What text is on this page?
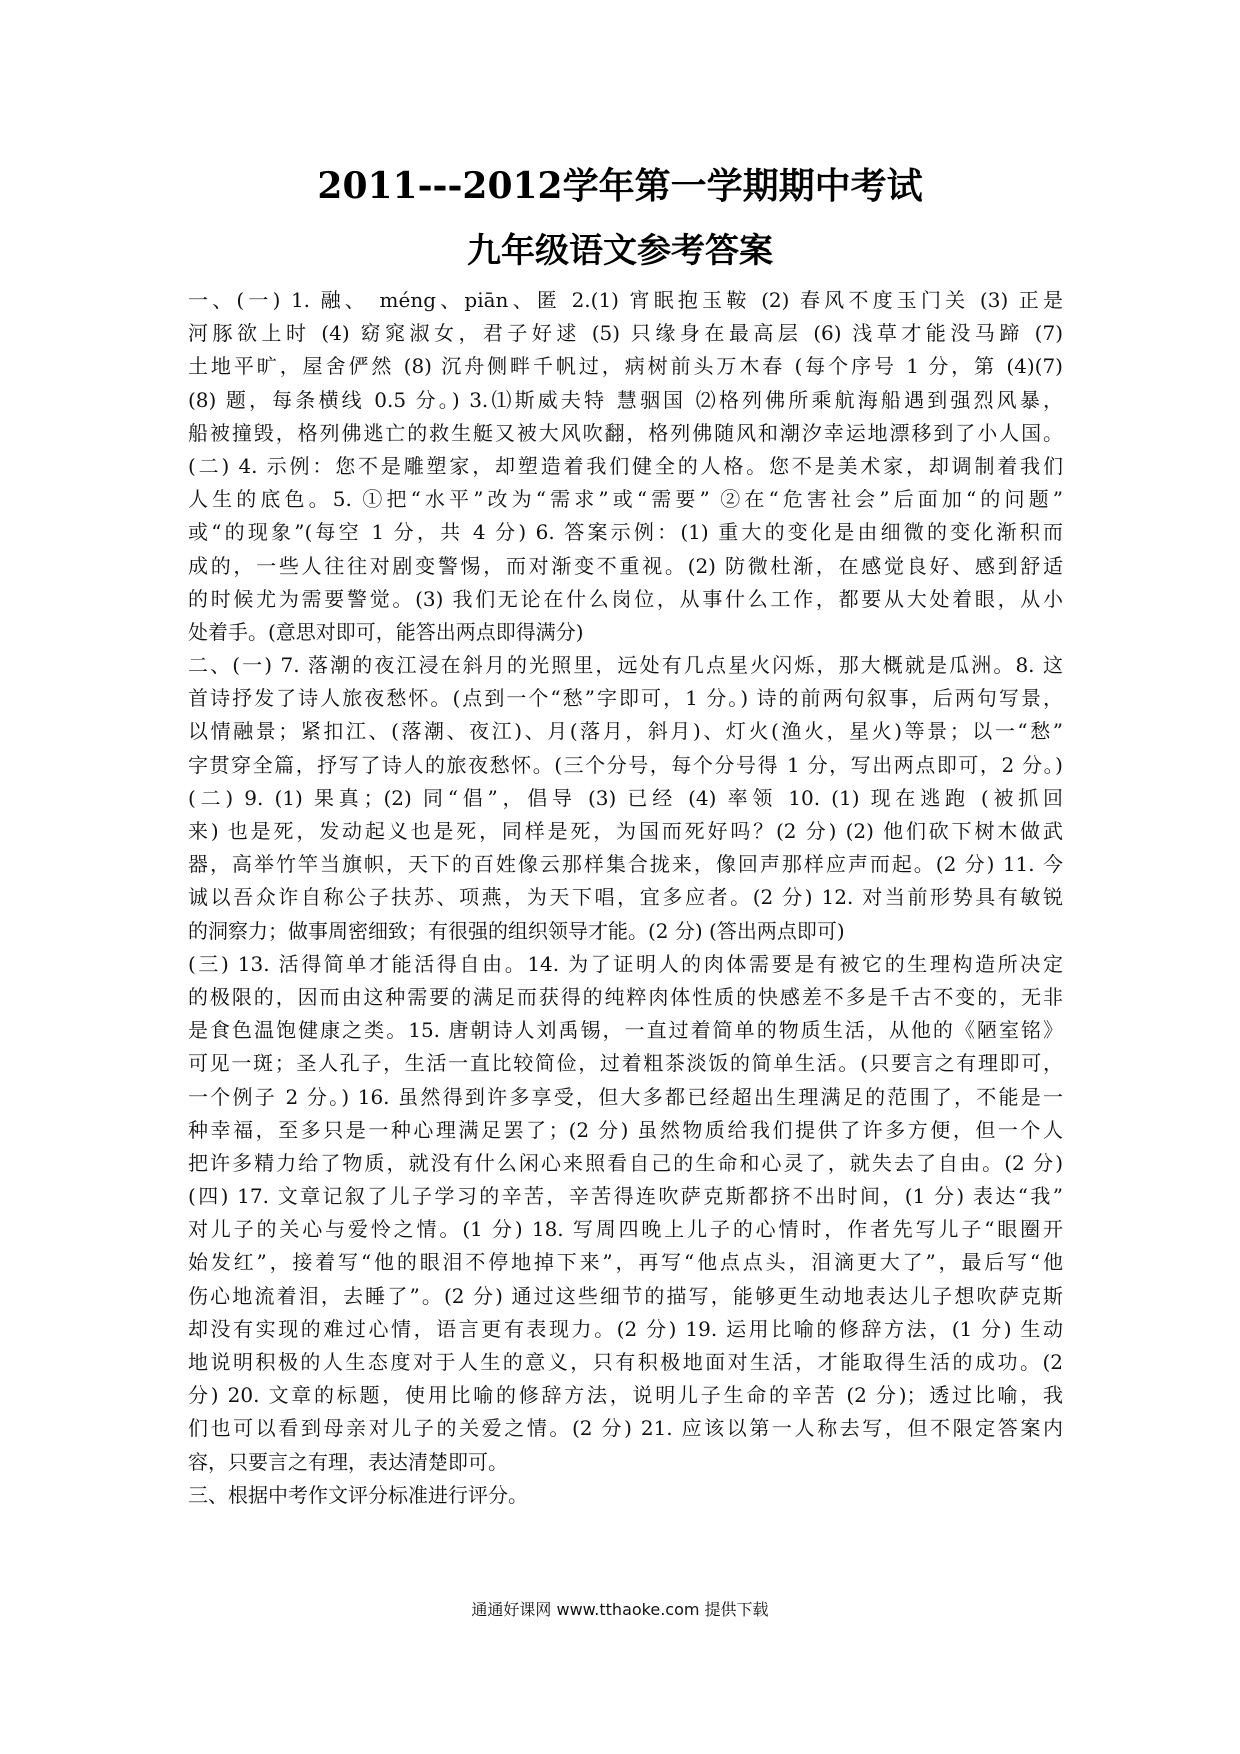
2011---2012学年第一学期期中考试
九年级语文参考答案
一、(一) 1. 融、 méng、piān、匿 2.(1) 宵眠抱玉鞍 (2) 春风不度玉门关 (3) 正是
河豚欲上时 (4) 窈窕淑女，君子好逑 (5) 只缘身在最高层 (6) 浅草才能没马蹄 (7)
土地平旷，屋舍俨然 (8) 沉舟侧畔千帆过，病树前头万木春 (每个序号 1 分，第 (4)(7)
(8) 题，每条横线 0.5 分。) 3.⑴斯威夫特 慧骃国 ⑵格列佛所乘航海船遇到强烈风暴，
船被撞毁，格列佛逃亡的救生艇又被大风吹翻，格列佛随风和潮汐幸运地漂移到了小人国。
(二) 4. 示例：您不是雕塑家，却塑造着我们健全的人格。您不是美术家，却调制着我们
人生的底色。5. ①把“水平”改为“需求”或“需要” ②在“危害社会”后面加“的问题”
或“的现象”(每空 1 分，共 4 分) 6. 答案示例：(1) 重大的变化是由细微的变化渐积而
成的，一些人往往对剧变警惕，而对渐变不重视。(2) 防微杜渐，在感觉良好、感到舒适
的时候尤为需要警觉。(3) 我们无论在什么岗位，从事什么工作，都要从大处着眼，从小
处着手。(意思对即可，能答出两点即得满分)
二、(一) 7. 落潮的夜江浸在斜月的光照里，远处有几点星火闪烁，那大概就是瓜洲。8. 这
首诗抒发了诗人旅夜愁怀。(点到一个“愁”字即可，1 分。) 诗的前两句叙事，后两句写景，
以情融景；紧扣江、(落潮、夜江)、月(落月，斜月)、灯火(渔火，星火)等景；以一“愁”
字贯穿全篇，抒写了诗人的旅夜愁怀。(三个分号，每个分号得 1 分，写出两点即可，2 分。)
(二) 9. (1) 果真；(2) 同“倡”，倡导 (3) 已经 (4) 率领 10. (1) 现在逃跑 (被抓回
来) 也是死，发动起义也是死，同样是死，为国而死好吗？(2 分) (2) 他们砍下树木做武
器，高举竹竿当旗帜，天下的百姓像云那样集合拢来，像回声那样应声而起。(2 分) 11. 今
诚以吾众诈自称公子扶苏、项燕，为天下唱，宜多应者。(2 分) 12. 对当前形势具有敏锐
的洞察力；做事周密细致；有很强的组织领导才能。(2 分) (答出两点即可)
(三) 13. 活得简单才能活得自由。14. 为了证明人的肉体需要是有被它的生理构造所决定
的极限的，因而由这种需要的满足而获得的纯粹肉体性质的快感差不多是千古不变的，无非
是食色温饱健康之类。15. 唐朝诗人刘禹锡，一直过着简单的物质生活，从他的《陋室铭》
可见一斑；圣人孔子，生活一直比较简俭，过着粗茶淡饭的简单生活。(只要言之有理即可，
一个例子 2 分。) 16. 虽然得到许多享受，但大多都已经超出生理满足的范围了，不能是一
种幸福，至多只是一种心理满足罢了；(2 分) 虽然物质给我们提供了许多方便，但一个人
把许多精力给了物质，就没有什么闲心来照看自己的生命和心灵了，就失去了自由。(2 分)
(四) 17. 文章记叙了儿子学习的辛苦，辛苦得连吹萨克斯都挤不出时间，(1 分) 表达“我”
对儿子的关心与爱怜之情。(1 分) 18. 写周四晚上儿子的心情时，作者先写儿子“眼圈开
始发红”，接着写“他的眼泪不停地掉下来”，再写“他点点头，泪滴更大了”，最后写“他
伤心地流着泪，去睡了”。(2 分) 通过这些细节的描写，能够更生动地表达儿子想吹萨克斯
却没有实现的难过心情，语言更有表现力。(2 分) 19. 运用比喻的修辞方法，(1 分) 生动
地说明积极的人生态度对于人生的意义，只有积极地面对生活，才能取得生活的成功。(2
分) 20. 文章的标题，使用比喻的修辞方法，说明儿子生命的辛苦 (2 分)；透过比喻，我
们也可以看到母亲对儿子的关爱之情。(2 分) 21. 应该以第一人称去写，但不限定答案内
容，只要言之有理，表达清楚即可。
三、根据中考作文评分标准进行评分。
通通好课网 www.tthaoke.com 提供下载
